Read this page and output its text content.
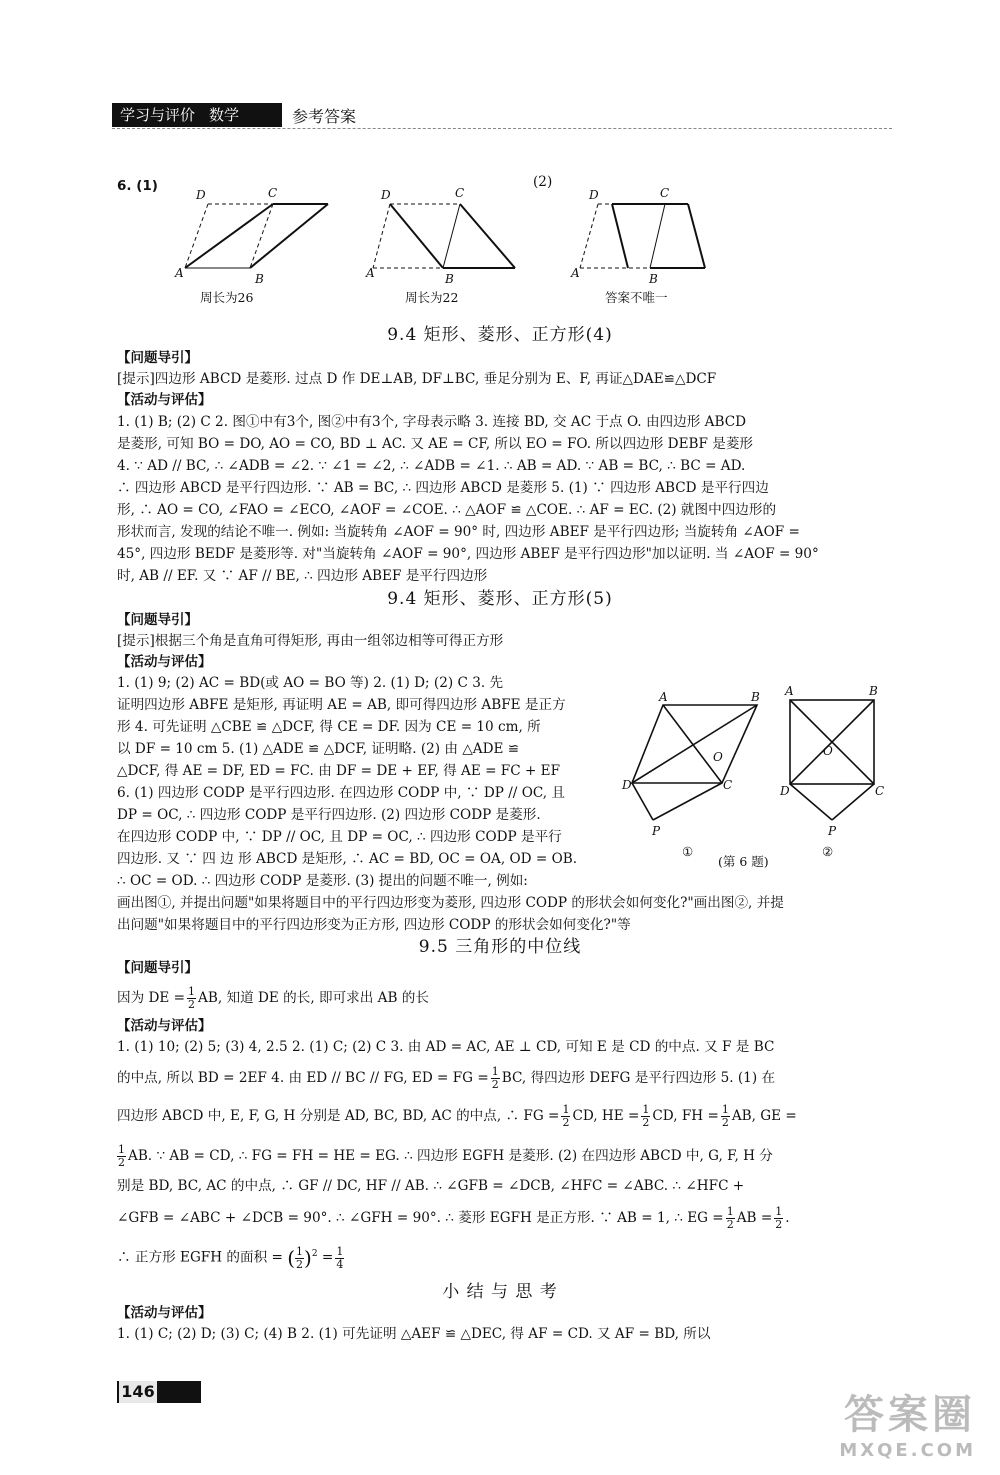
学习与评价 数学	参考答案
6. (1)	(2)
D	C
A	B
D	C
A	B
D	C
A	B
周长为26	周长为22	答案不唯一
9.4 矩形、菱形、正方形(4)
【问题导引】
[提示]四边形 ABCD 是菱形. 过点 D 作 DE⊥AB, DF⊥BC, 垂足分别为 E、F, 再证△DAE≌△DCF
【活动与评估】
1. (1) B; (2) C 2. 图①中有3个, 图②中有3个, 字母表示略 3. 连接 BD, 交 AC 于点 O. 由四边形 ABCD
是菱形, 可知 BO = DO, AO = CO, BD ⊥ AC. 又 AE = CF, 所以 EO = FO. 所以四边形 DEBF 是菱形
4. ∵ AD // BC, ∴ ∠ADB = ∠2. ∵ ∠1 = ∠2, ∴ ∠ADB = ∠1. ∴ AB = AD. ∵ AB = BC, ∴ BC = AD.
∴ 四边形 ABCD 是平行四边形. ∵ AB = BC, ∴ 四边形 ABCD 是菱形 5. (1) ∵ 四边形 ABCD 是平行四边
形, ∴ AO = CO, ∠FAO = ∠ECO, ∠AOF = ∠COE. ∴ △AOF ≌ △COE. ∴ AF = EC. (2) 就图中四边形的
形状而言, 发现的结论不唯一. 例如: 当旋转角 ∠AOF = 90° 时, 四边形 ABEF 是平行四边形; 当旋转角 ∠AOF =
45°, 四边形 BEDF 是菱形等. 对"当旋转角 ∠AOF = 90°, 四边形 ABEF 是平行四边形"加以证明. 当 ∠AOF = 90°
时, AB // EF. 又 ∵ AF // BE, ∴ 四边形 ABEF 是平行四边形
9.4 矩形、菱形、正方形(5)
【问题导引】
[提示]根据三个角是直角可得矩形, 再由一组邻边相等可得正方形
【活动与评估】
1. (1) 9; (2) AC = BD(或 AO = BO 等) 2. (1) D; (2) C 3. 先
证明四边形 ABFE 是矩形, 再证明 AE = AB, 即可得四边形 ABFE 是正方
形 4. 可先证明 △CBE ≌ △DCF, 得 CE = DF. 因为 CE = 10 cm, 所
以 DF = 10 cm 5. (1) △ADE ≌ △DCF, 证明略. (2) 由 △ADE ≌
△DCF, 得 AE = DF, ED = FC. 由 DF = DE + EF, 得 AE = FC + EF
6. (1) 四边形 CODP 是平行四边形. 在四边形 CODP 中, ∵ DP // OC, 且
DP = OC, ∴ 四边形 CODP 是平行四边形. (2) 四边形 CODP 是菱形.
在四边形 CODP 中, ∵ DP // OC, 且 DP = OC, ∴ 四边形 CODP 是平行
四边形. 又 ∵ 四 边 形 ABCD 是矩形, ∴ AC = BD, OC = OA, OD = OB.
∴ OC = OD. ∴ 四边形 CODP 是菱形. (3) 提出的问题不唯一, 例如:
画出图①, 并提出问题"如果将题目中的平行四边形变为菱形, 四边形 CODP 的形状会如何变化?"画出图②, 并提
出问题"如果将题目中的平行四边形变为正方形, 四边形 CODP 的形状会如何变化?"等
A	B
O
D	C
P
A	B
O
D	C
P
①
(第 6 题)
②
9.5 三角形的中位线
【问题导引】
因为 DE = $\frac{1}{2}$ AB, 知道 DE 的长, 即可求出 AB 的长
【活动与评估】
1. (1) 10; (2) 5; (3) 4, 2.5 2. (1) C; (2) C 3. 由 AD = AC, AE ⊥ CD, 可知 E 是 CD 的中点. 又 F 是 BC
的中点, 所以 BD = 2EF 4. 由 ED // BC // FG, ED = FG = $\frac{1}{2}$ BC, 得四边形 DEFG 是平行四边形 5. (1) 在
四边形 ABCD 中, E, F, G, H 分别是 AD, BC, BD, AC 的中点, ∴ FG = $\frac{1}{2}$ CD, HE = $\frac{1}{2}$ CD, FH = $\frac{1}{2}$ AB, GE =
$\frac{1}{2}$ AB. ∵ AB = CD, ∴ FG = FH = HE = EG. ∴ 四边形 EGFH 是菱形. (2) 在四边形 ABCD 中, G, F, H 分
别是 BD, BC, AC 的中点, ∴ GF // DC, HF // AB. ∴ ∠GFB = ∠DCB, ∠HFC = ∠ABC. ∴ ∠HFC +
∠GFB = ∠ABC + ∠DCB = 90°. ∴ ∠GFH = 90°. ∴ 菱形 EGFH 是正方形. ∵ AB = 1, ∴ EG = $\frac{1}{2}$ AB = $\frac{1}{2}$ .
∴ 正方形 EGFH 的面积 = ( $\frac{1}{2} )^2 = \frac{1}{4}$
小 结 与 思 考
【活动与评估】
1. (1) C; (2) D; (3) C; (4) B 2. (1) 可先证明 △AEF ≌ △DEC, 得 AF = CD. 又 AF = BD, 所以
146
答案圈
MXQE.COM
